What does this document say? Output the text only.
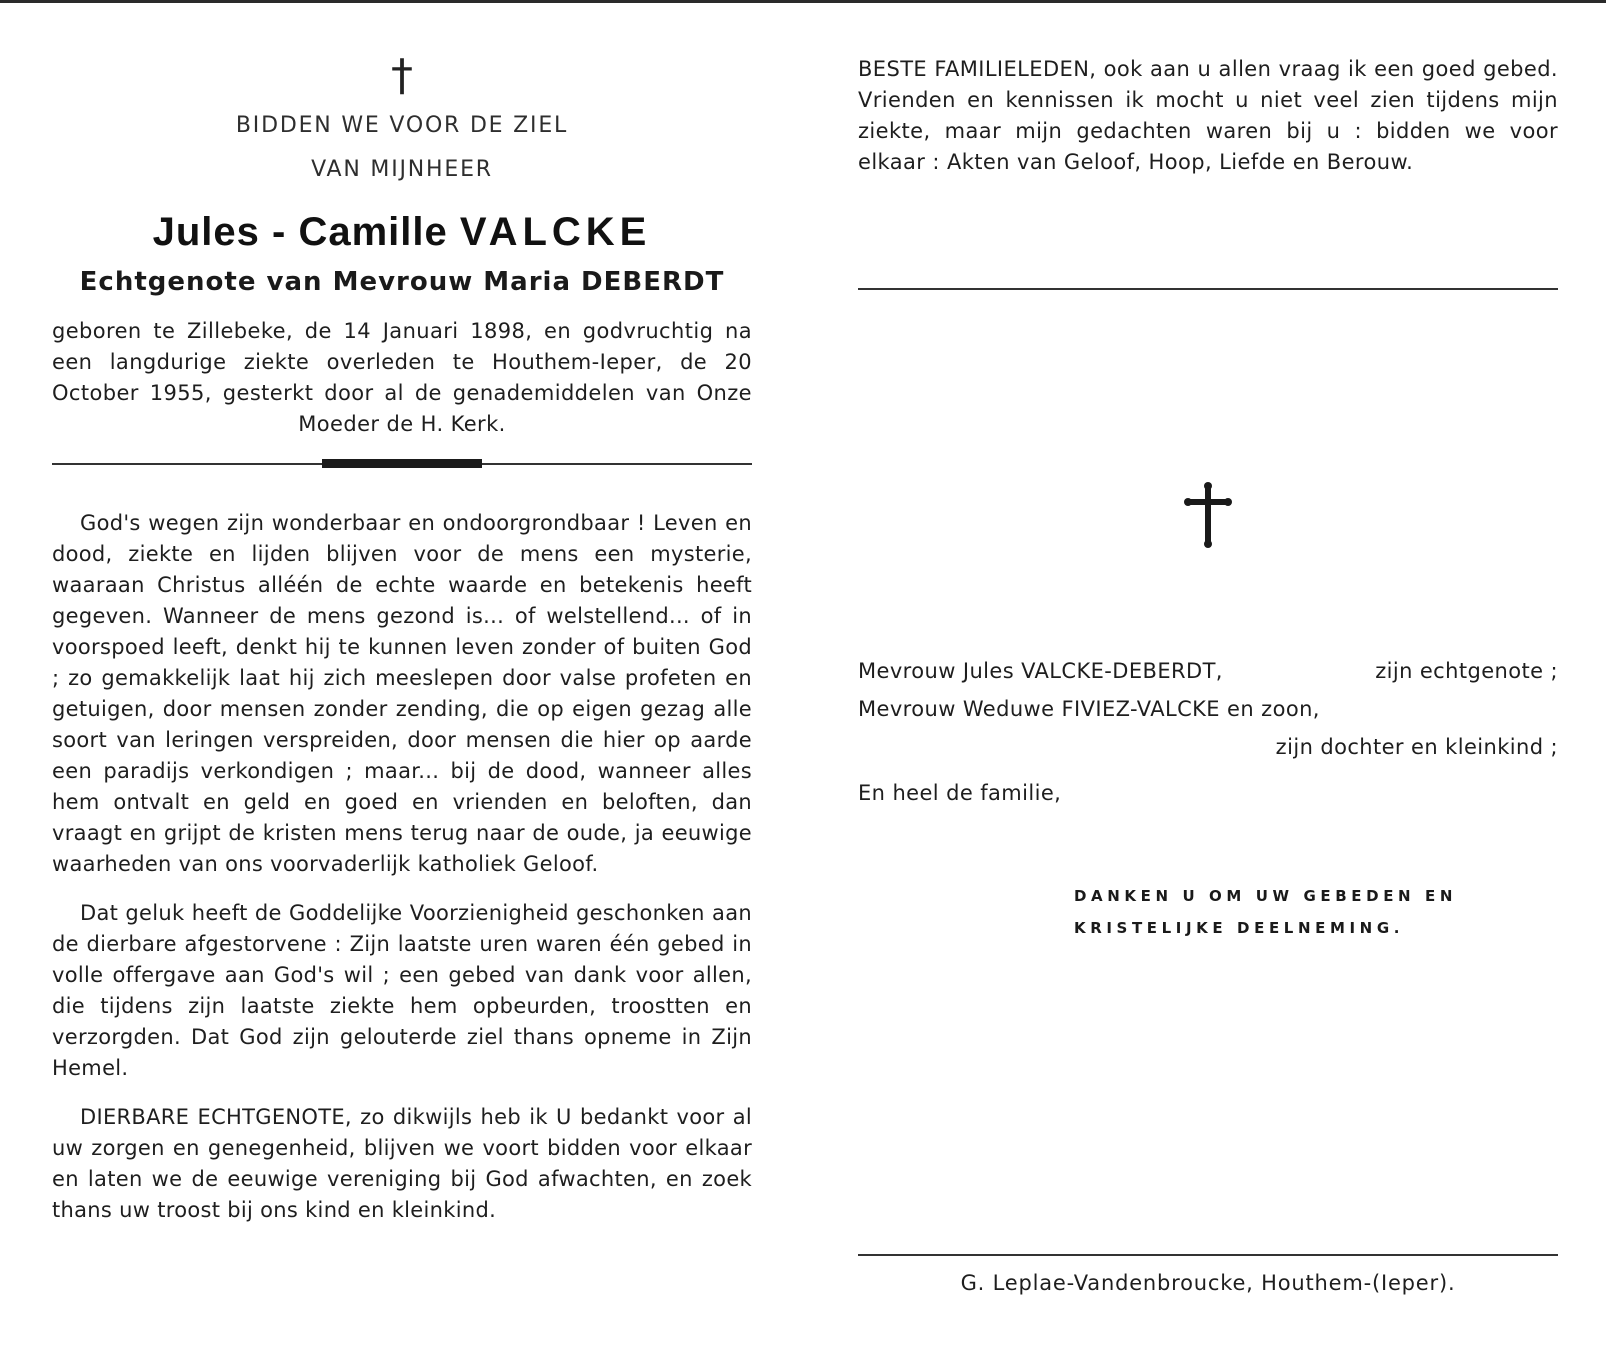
†
BIDDEN WE VOOR DE ZIEL
VAN MIJNHEER
Jules - Camille VALCKE
Echtgenote van Mevrouw Maria DEBERDT
geboren te Zillebeke, de 14 Januari 1898, en godvruchtig na een langdurige ziekte overleden te Houthem-Ieper, de 20 October 1955, gesterkt door al de genademiddelen van Onze Moeder de H. Kerk.

God's wegen zijn wonderbaar en ondoorgrondbaar ! Leven en dood, ziekte en lijden blijven voor de mens een mysterie, waaraan Christus alléén de echte waarde en betekenis heeft gegeven. Wanneer de mens gezond is... of welstellend... of in voorspoed leeft, denkt hij te kunnen leven zonder of buiten God ; zo gemakkelijk laat hij zich meeslepen door valse profeten en getuigen, door mensen zonder zending, die op eigen gezag alle soort van leringen verspreiden, door mensen die hier op aarde een paradijs verkondigen ; maar... bij de dood, wanneer alles hem ontvalt en geld en goed en vrienden en beloften, dan vraagt en grijpt de kristen mens terug naar de oude, ja eeuwige waarheden van ons voorvaderlijk katholiek Geloof.

Dat geluk heeft de Goddelijke Voorzienigheid geschonken aan de dierbare afgestorvene : Zijn laatste uren waren één gebed in volle offergave aan God's wil ; een gebed van dank voor allen, die tijdens zijn laatste ziekte hem opbeurden, troostten en verzorgden. Dat God zijn gelouterde ziel thans opneme in Zijn Hemel.

DIERBARE ECHTGENOTE, zo dikwijls heb ik U bedankt voor al uw zorgen en genegenheid, blijven we voort bidden voor elkaar en laten we de eeuwige vereniging bij God afwachten, en zoek thans uw troost bij ons kind en kleinkind.

BESTE FAMILIELEDEN, ook aan u allen vraag ik een goed gebed. Vrienden en kennissen ik mocht u niet veel zien tijdens mijn ziekte, maar mijn gedachten waren bij u : bidden we voor elkaar : Akten van Geloof, Hoop, Liefde en Berouw.

Mevrouw Jules VALCKE-DEBERDT,	zijn echtgenote ;
Mevrouw Weduwe FIVIEZ-VALCKE en zoon,
zijn dochter en kleinkind ;
En heel de familie,
DANKEN U OM UW GEBEDEN EN
KRISTELIJKE DEELNEMING.
G. Leplae-Vandenbroucke, Houthem-(Ieper).
